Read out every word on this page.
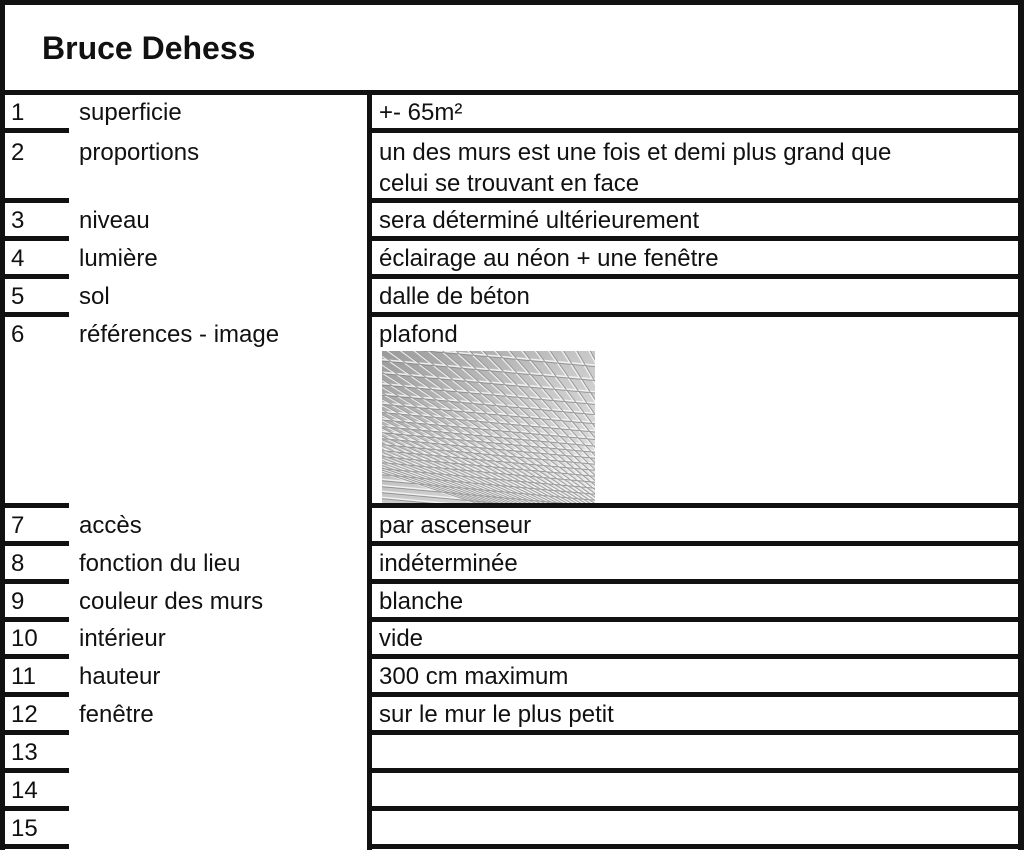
Bruce Dehess
1 superficie	+- 65m²
2 proportions	un des murs est une fois et demi plus grand que
celui se trouvant en face
3 niveau	sera déterminé ultérieurement
4 lumière	éclairage au néon + une fenêtre
5 sol	dalle de béton
6 références - image	plafond
7 accès	par ascenseur
8 fonction du lieu	indéterminée
9 couleur des murs	blanche
10 intérieur	vide
11 hauteur	300 cm maximum
12 fenêtre	sur le mur le plus petit
13
14
15
